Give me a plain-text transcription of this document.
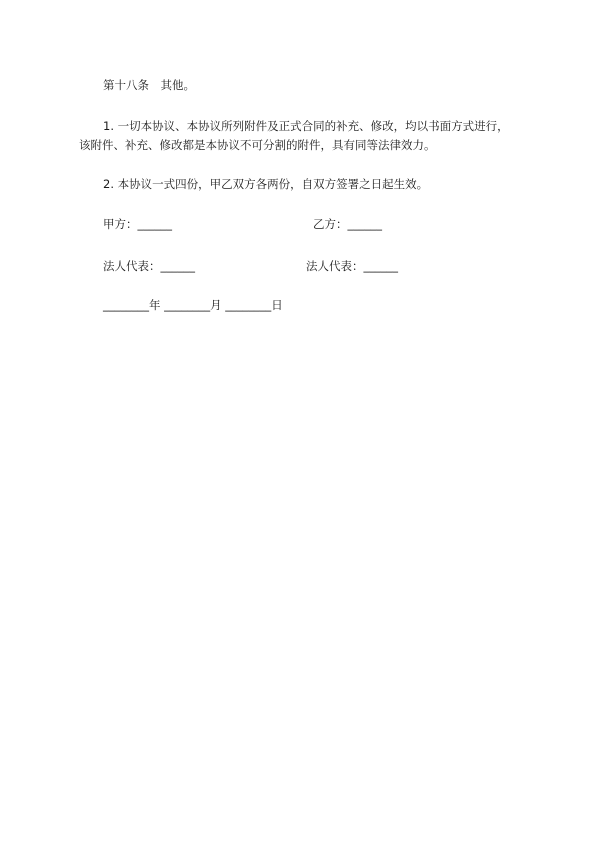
第十八条　其他。
1. 一切本协议、本协议所列附件及正式合同的补充、修改，均以书面方式进行，
该附件、补充、修改都是本协议不可分割的附件，具有同等法律效力。
2. 本协议一式四份，甲乙双方各两份，自双方签署之日起生效。
甲方：______	乙方：______
法人代表：______	法人代表：______
________年 ________月 ________日
